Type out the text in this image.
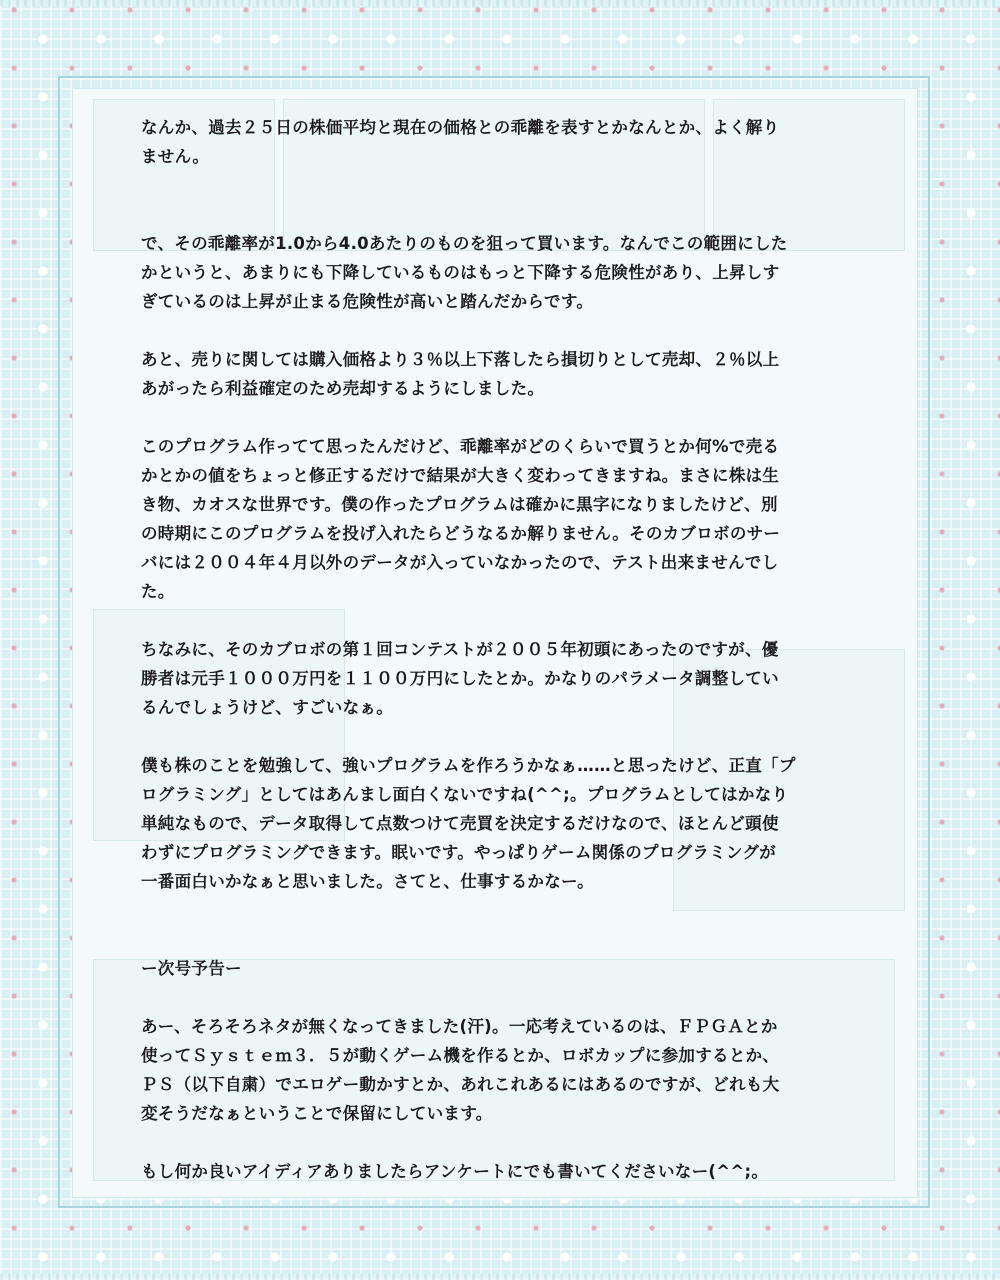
なんか、過去２５日の株価平均と現在の価格との乖離を表すとかなんとか、よく解り
ません。

で、その乖離率が1.0から4.0あたりのものを狙って買います。なんでこの範囲にした
かというと、あまりにも下降しているものはもっと下降する危険性があり、上昇しす
ぎているのは上昇が止まる危険性が高いと踏んだからです。

あと、売りに関しては購入価格より３％以上下落したら損切りとして売却、２％以上
あがったら利益確定のため売却するようにしました。

このプログラム作ってて思ったんだけど、乖離率がどのくらいで買うとか何%で売る
かとかの値をちょっと修正するだけで結果が大きく変わってきますね。まさに株は生
き物、カオスな世界です。僕の作ったプログラムは確かに黒字になりましたけど、別
の時期にこのプログラムを投げ入れたらどうなるか解りません。そのカブロボのサー
バには２００４年４月以外のデータが入っていなかったので、テスト出来ませんでし
た。

ちなみに、そのカブロボの第１回コンテストが２００５年初頭にあったのですが、優
勝者は元手１０００万円を１１００万円にしたとか。かなりのパラメータ調整してい
るんでしょうけど、すごいなぁ。

僕も株のことを勉強して、強いプログラムを作ろうかなぁ……と思ったけど、正直「プ
ログラミング」としてはあんまし面白くないですね(^^;。プログラムとしてはかなり
単純なもので、データ取得して点数つけて売買を決定するだけなので、ほとんど頭使
わずにプログラミングできます。眠いです。やっぱりゲーム関係のプログラミングが
一番面白いかなぁと思いました。さてと、仕事するかなー。

ー次号予告ー

あー、そろそろネタが無くなってきました(汗)。一応考えているのは、ＦＰＧＡとか
使ってＳｙｓｔｅｍ３．５が動くゲーム機を作るとか、ロボカップに参加するとか、
ＰＳ（以下自粛）でエロゲー動かすとか、あれこれあるにはあるのですが、どれも大
変そうだなぁということで保留にしています。

もし何か良いアイディアありましたらアンケートにでも書いてくださいなー(^^;。
